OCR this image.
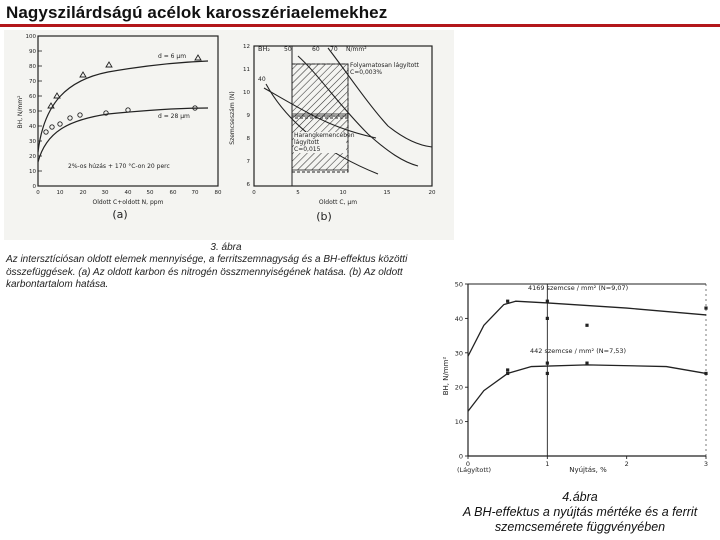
Nagyszilárdságú acélok karosszériaelemekhez
100
90
80
70
60
50
40
30
20
10
0
0	10	20	30	40	50	60	70	80
BH, N/mm²
Oldott C+oldott N, ppm
d = 6 µm
d = 28 µm
2%-os húzás + 170 °C-on 20 perc
(a)
12
11
10
9
8
7
6
0	5	10	15	20
Szemcseszám (N)
Oldott C, µm
BH₂ 50	60 70 N/mm²
40
Folyamatosan lágyított C=0,003%
Harangkemencében lágyított C=0,015
(b)
3. ábra
Az intersztíciósan oldott elemek mennyisége, a ferritszemnagyság és a BH-effektus közötti összefüggések. (a) Az oldott karbon és nitrogén összmennyiségének hatása. (b) Az oldott karbontartalom hatása.	50
40
30
20
10
0
0	1	2	3
BH, N/mm²
Nyújtás, %
(Lágyított)
4169 szemcse / mm² (N=9,07)
442 szemcse / mm² (N=7,53)
4.ábra
A BH-effektus a nyújtás mértéke és a ferrit szemcsemérete függvényében
